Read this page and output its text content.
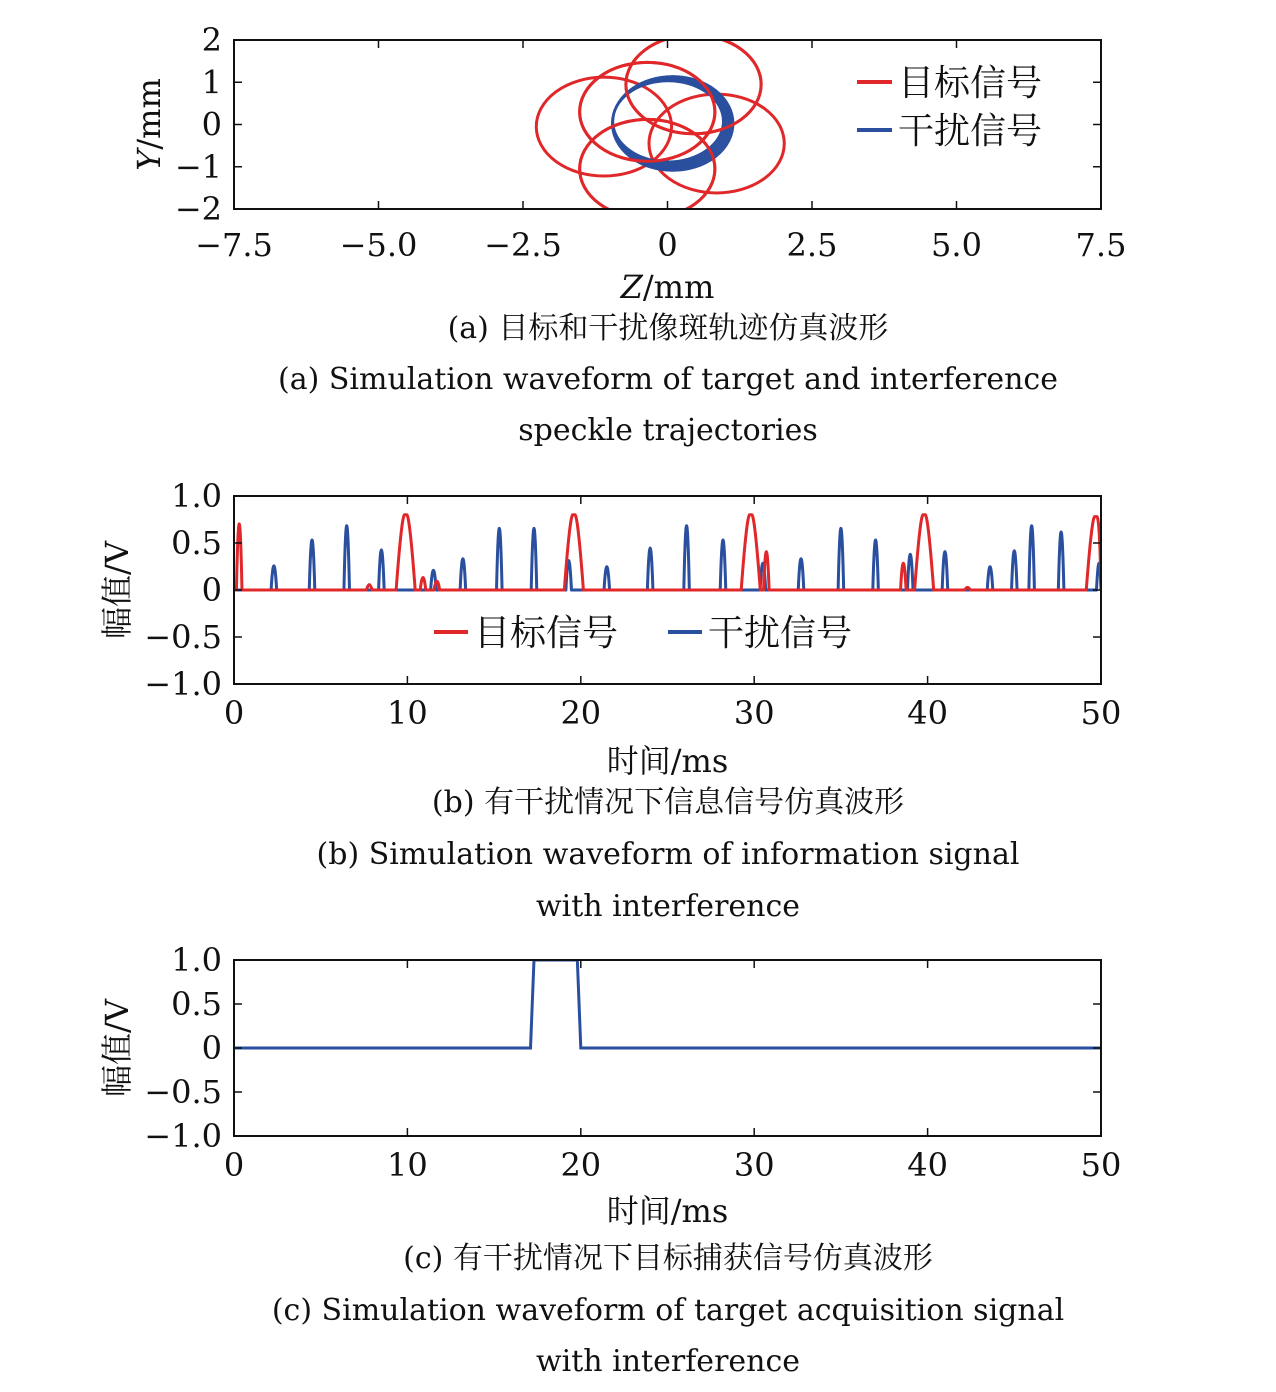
−7.5 −5.0 −2.5	0	2.5	5.0	7.5
2
1
0
−1
−2
Z/mm
Y/mm	目标信号
干扰信号
(a) 目标和干扰像斑轨迹仿真波形
(a) Simulation waveform of target and interference
speckle trajectories
0	10	20	30	40	50
1.0
0.5
0
−0.5
−1.0
时间/ms
幅值/V	目标信号 干扰信号
(b) 有干扰情况下信息信号仿真波形
(b) Simulation waveform of information signal
with interference
0	10	20	30	40	50
1.0
0.5
0
−0.5
−1.0
时间/ms
幅值/V
(c) 有干扰情况下目标捕获信号仿真波形
(c) Simulation waveform of target acquisition signal
with interference
